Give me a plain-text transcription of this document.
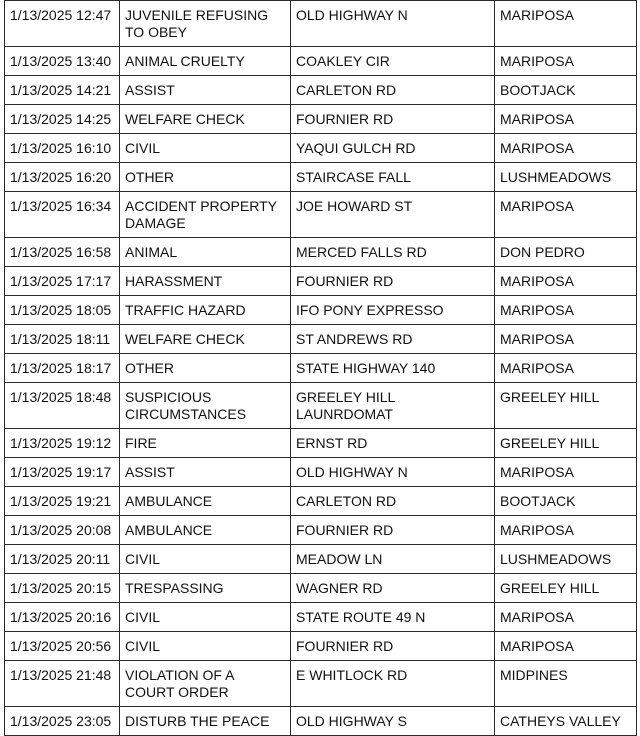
1/13/2025 12:47	JUVENILE REFUSING TO OBEY	OLD HIGHWAY N	MARIPOSA
1/13/2025 13:40	ANIMAL CRUELTY	COAKLEY CIR	MARIPOSA
1/13/2025 14:21	ASSIST	CARLETON RD	BOOTJACK
1/13/2025 14:25	WELFARE CHECK	FOURNIER RD	MARIPOSA
1/13/2025 16:10	CIVIL	YAQUI GULCH RD	MARIPOSA
1/13/2025 16:20	OTHER	STAIRCASE FALL	LUSHMEADOWS
1/13/2025 16:34	ACCIDENT PROPERTY DAMAGE	JOE HOWARD ST	MARIPOSA
1/13/2025 16:58	ANIMAL	MERCED FALLS RD	DON PEDRO
1/13/2025 17:17	HARASSMENT	FOURNIER RD	MARIPOSA
1/13/2025 18:05	TRAFFIC HAZARD	IFO PONY EXPRESSO	MARIPOSA
1/13/2025 18:11	WELFARE CHECK	ST ANDREWS RD	MARIPOSA
1/13/2025 18:17	OTHER	STATE HIGHWAY 140	MARIPOSA
1/13/2025 18:48	SUSPICIOUS CIRCUMSTANCES	GREELEY HILL LAUNRDOMAT	GREELEY HILL
1/13/2025 19:12	FIRE	ERNST RD	GREELEY HILL
1/13/2025 19:17	ASSIST	OLD HIGHWAY N	MARIPOSA
1/13/2025 19:21	AMBULANCE	CARLETON RD	BOOTJACK
1/13/2025 20:08	AMBULANCE	FOURNIER RD	MARIPOSA
1/13/2025 20:11	CIVIL	MEADOW LN	LUSHMEADOWS
1/13/2025 20:15	TRESPASSING	WAGNER RD	GREELEY HILL
1/13/2025 20:16	CIVIL	STATE ROUTE 49 N	MARIPOSA
1/13/2025 20:56	CIVIL	FOURNIER RD	MARIPOSA
1/13/2025 21:48	VIOLATION OF A COURT ORDER	E WHITLOCK RD	MIDPINES
1/13/2025 23:05	DISTURB THE PEACE	OLD HIGHWAY S	CATHEYS VALLEY
